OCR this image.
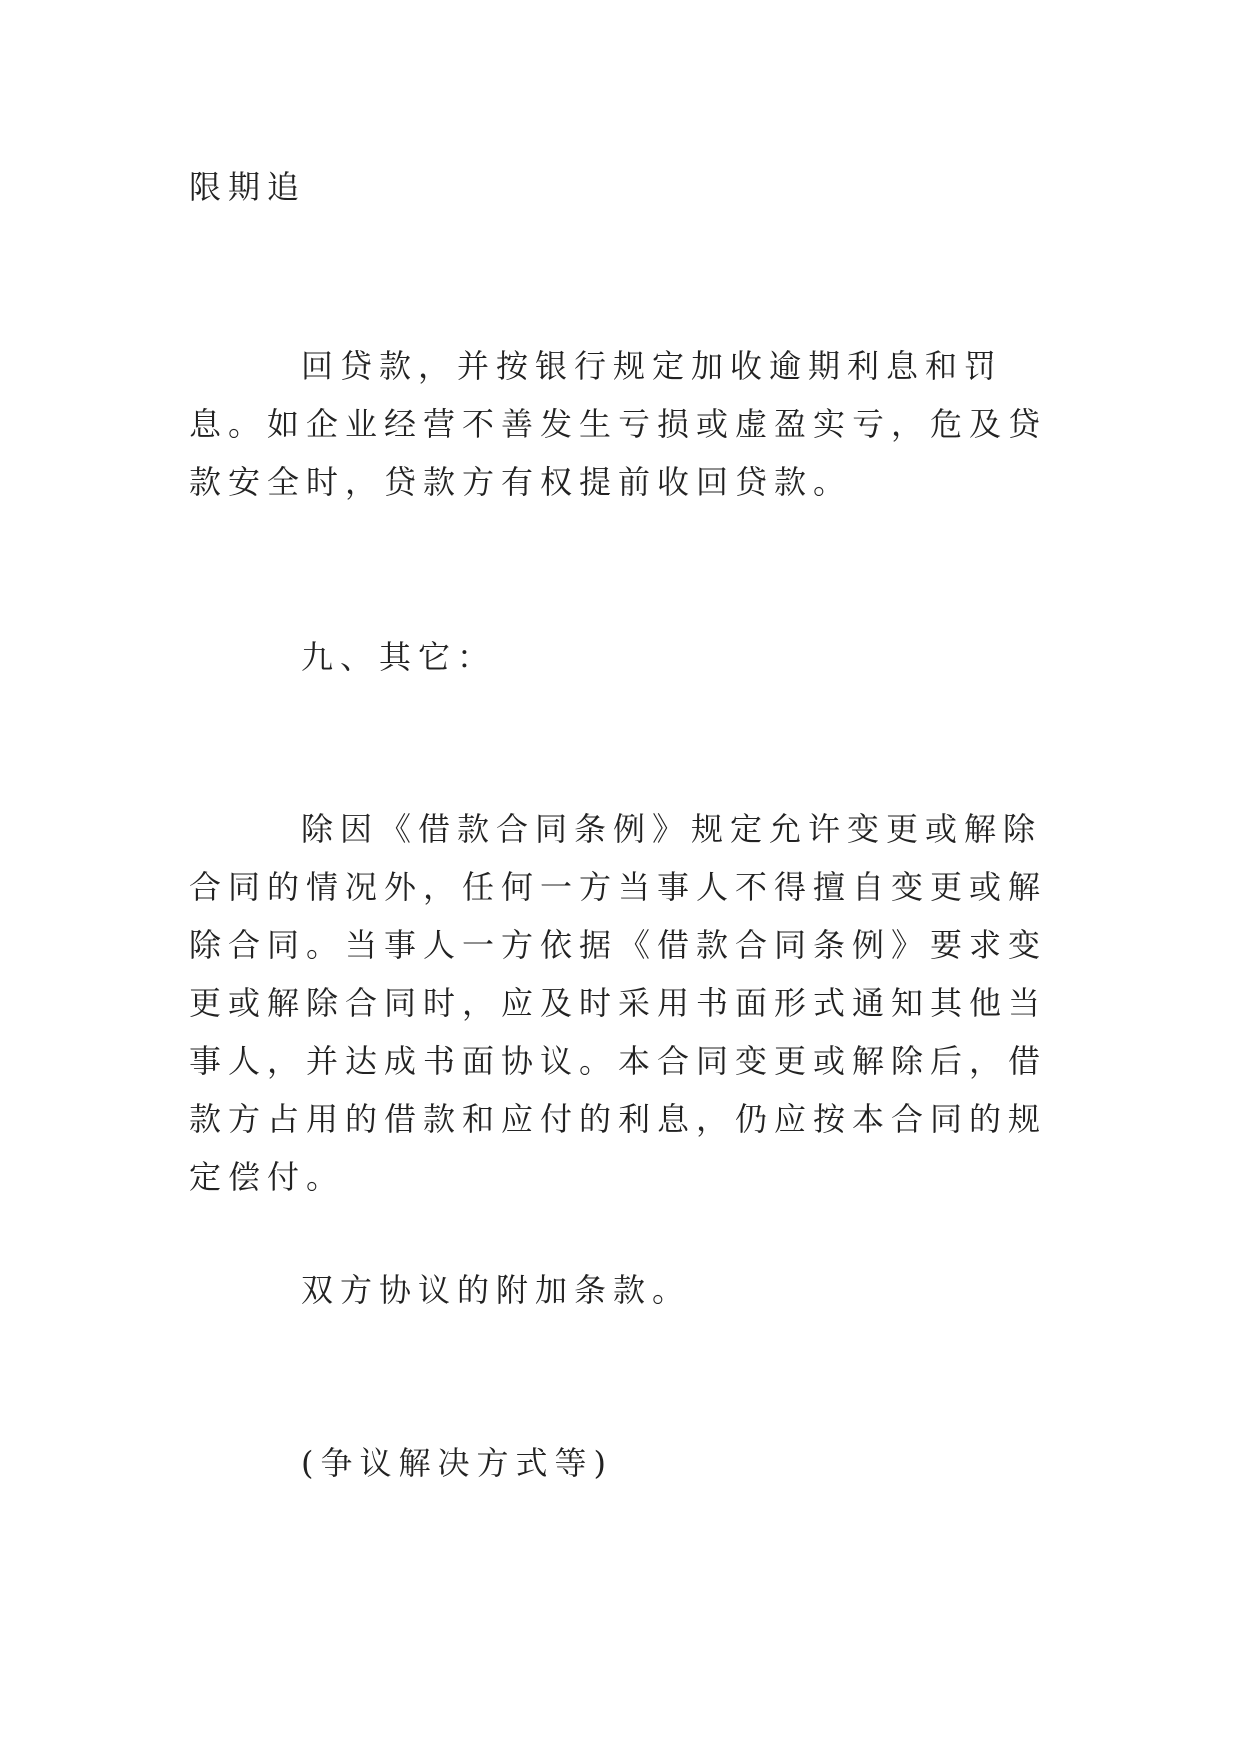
限期追

回贷款，并按银行规定加收逾期利息和罚息。如企业经营不善发生亏损或虚盈实亏，危及贷款安全时，贷款方有权提前收回贷款。

九、其它：

除因《借款合同条例》规定允许变更或解除合同的情况外，任何一方当事人不得擅自变更或解除合同。当事人一方依据《借款合同条例》要求变更或解除合同时，应及时采用书面形式通知其他当事人，并达成书面协议。本合同变更或解除后，借款方占用的借款和应付的利息，仍应按本合同的规定偿付。

双方协议的附加条款。

(争议解决方式等)
